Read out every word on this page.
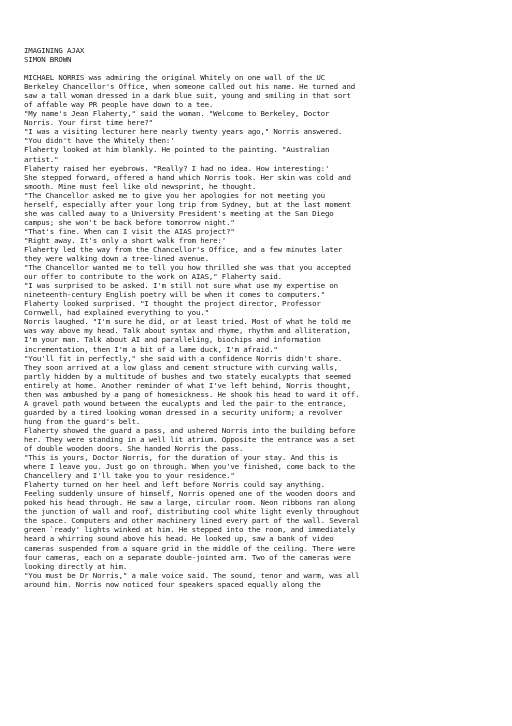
IMAGINING AJAX

SIMON BROWN

MICHAEL NORRIS was admiring the original Whitely on one wall of the UC

Berkeley Chancellor's Office, when someone called out his name. He turned and

saw a tall woman dressed in a dark blue suit, young and smiling in that sort

of affable way PR people have down to a tee.

"My name's Jean Flaherty," said the woman. "Welcome to Berkeley, Doctor

Norris. Your first time here?"

"I was a visiting lecturer here nearly twenty years ago," Norris answered.

"You didn't have the Whitely then:'

Flaherty looked at him blankly. He pointed to the painting. "Australian

artist."

Flaherty raised her eyebrows. "Really? I had no idea. How interesting:'

She stepped forward, offered a hand which Norris took. Her skin was cold and

smooth. Mine must feel like old newsprint, he thought.

"The Chancellor asked me to give you her apologies for not meeting you

herself, especially after your long trip from Sydney, but at the last moment

she was called away to a University President's meeting at the San Diego

campus; she won't be back before tomorrow night."

"That's fine. When can I visit the AIAS project?"

"Right away. It's only a short walk from here:'

Flaherty led the way from the Chancellor's Office, and a few minutes later

they were walking down a tree-lined avenue.

"The Chancellor wanted me to tell you how thrilled she was that you accepted

our offer to contribute to the work on AIAS," Flaherty said.

"I was surprised to be asked. I'm still not sure what use my expertise on

nineteenth-century English poetry will be when it comes to computers."

Flaherty looked surprised. "I thought the project director, Professor

Cornwell, had explained everything to you."

Norris laughed. "I'm sure he did, or at least tried. Most of what he told me

was way above my head. Talk about syntax and rhyme, rhythm and alliteration,

I'm your man. Talk about AI and paralleling, biochips and information

incrementation, then I'm a bit of a lame duck, I'm afraid."

"You'll fit in perfectly," she said with a confidence Norris didn't share.

They soon arrived at a low glass and cement structure with curving walls,

partly hidden by a multitude of bushes and two stately eucalypts that seemed

entirely at home. Another reminder of what I've left behind, Norris thought,

then was ambushed by a pang of homesickness. He shook his head to ward it off.

A gravel path wound between the eucalypts and led the pair to the entrance,

guarded by a tired looking woman dressed in a security uniform; a revolver

hung from the guard's belt.

Flaherty showed the guard a pass, and ushered Norris into the building before

her. They were standing in a well lit atrium. Opposite the entrance was a set

of double wooden doors. She handed Norris the pass.

"This is yours, Doctor Norris, for the duration of your stay. And this is

where I leave you. Just go on through. When you've finished, come back to the

Chancellery and I'll take you to your residence."

Flaherty turned on her heel and left before Norris could say anything.

Feeling suddenly unsure of himself, Norris opened one of the wooden doors and

poked his head through. He saw a large, circular room. Neon ribbons ran along

the junction of wall and roof, distributing cool white light evenly throughout

the space. Computers and other machinery lined every part of the wall. Several

green `ready' lights winked at him. He stepped into the room, and immediately

heard a whirring sound above his head. He looked up, saw a bank of video

cameras suspended from a square grid in the middle of the ceiling. There were

four cameras, each on a separate double-jointed arm. Two of the cameras were

looking directly at him.

"You must be Dr Norris," a male voice said. The sound, tenor and warm, was all

around him. Norris now noticed four speakers spaced equally along the
